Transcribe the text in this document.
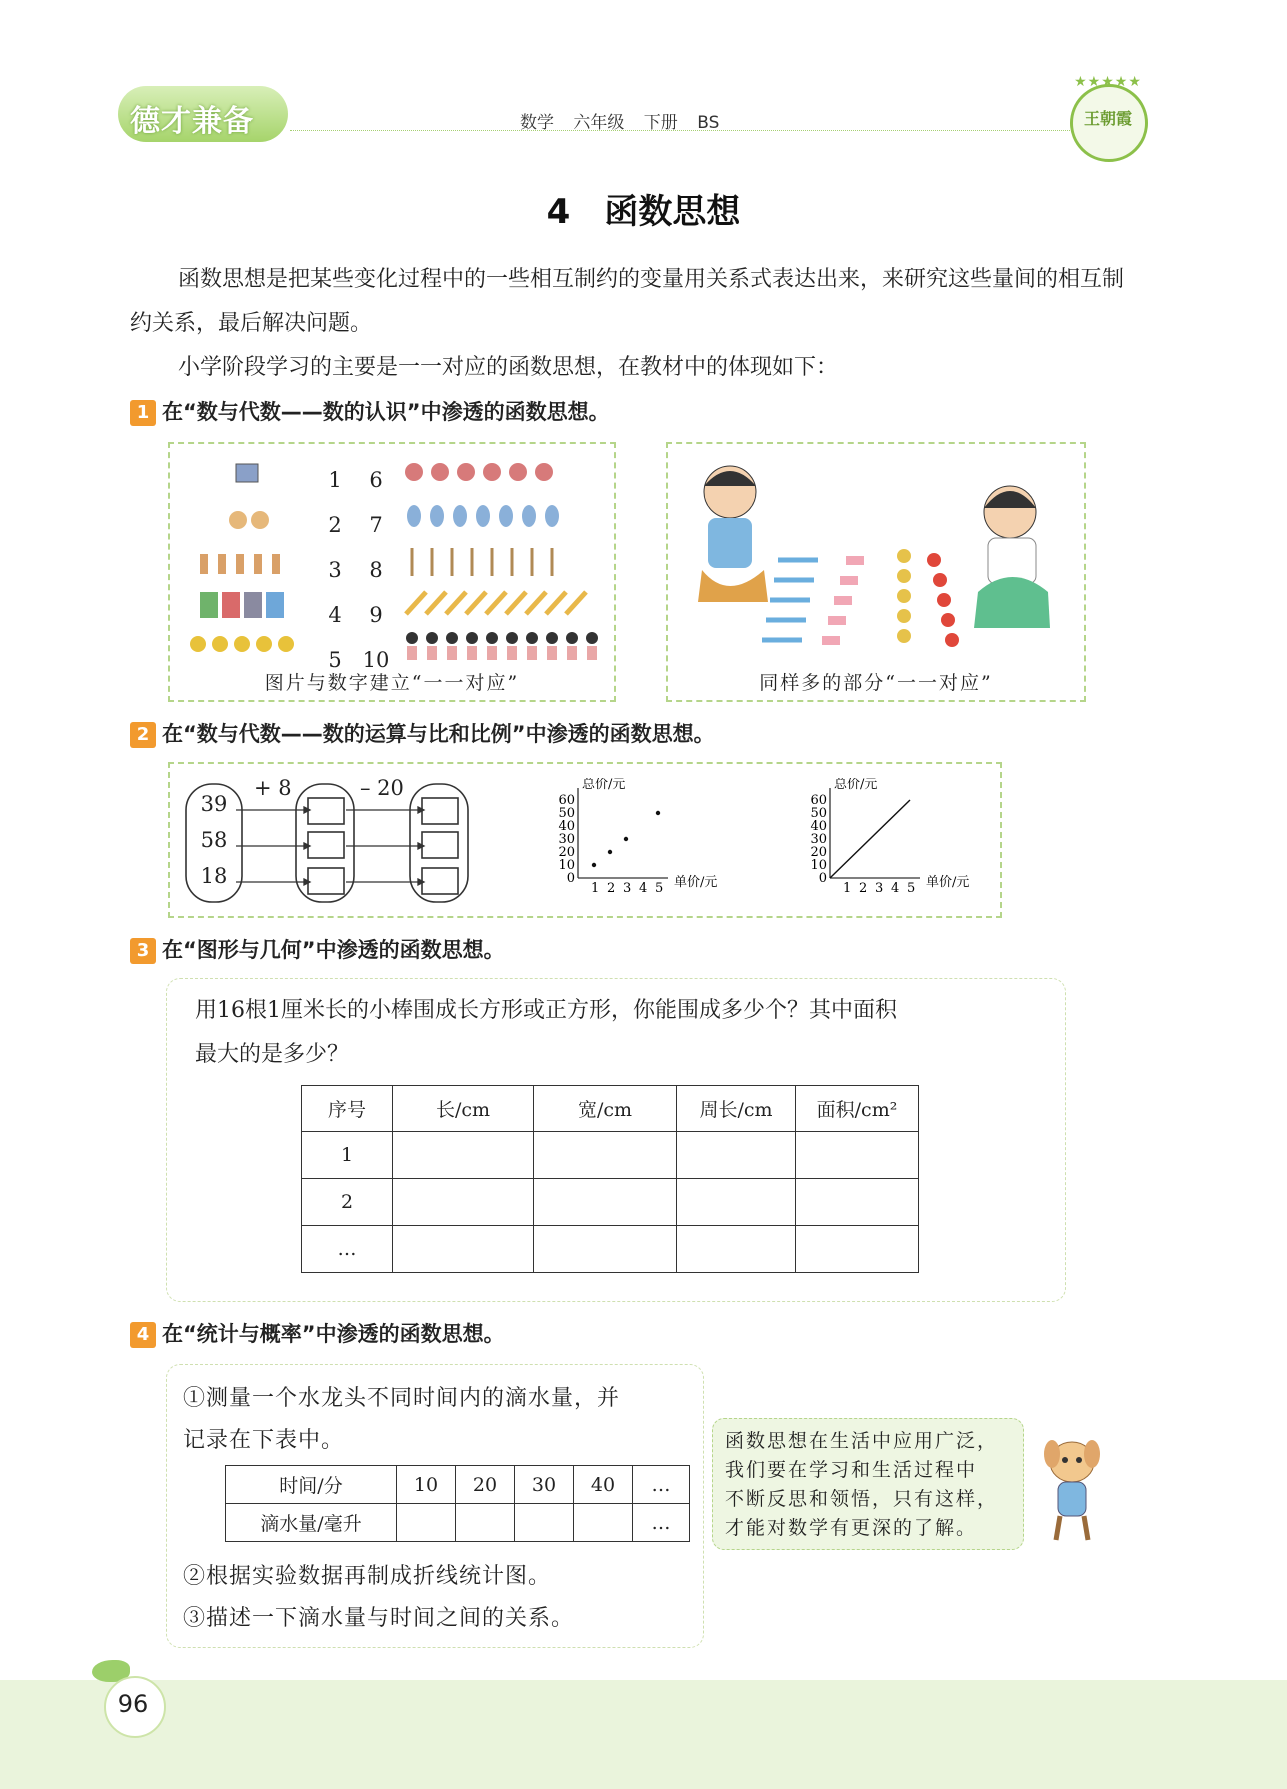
德才兼备	数学 六年级 下册 BS
★★★★★
王朝霞
4　函数思想
函数思想是把某些变化过程中的一些相互制约的变量用关系式表达出来，来研究这些量间的相互制约关系，最后解决问题。
小学阶段学习的主要是一一对应的函数思想，在教材中的体现如下：
1 在“数与代数——数的认识”中渗透的函数思想。
1
2
3
4
5
6
7
8
9
10
图片与数字建立“一一对应”	同样多的部分“一一对应”
2 在“数与代数——数的运算与比和比例”中渗透的函数思想。
39
58
18
+ 8	– 20	总价/元
单价/元
0
10
20
30
40
50
60
1 2 3 4 5
总价/元
单价/元
0
10
20
30
40
50
60
1 2 3 4 5
3 在“图形与几何”中渗透的函数思想。
用16根1厘米长的小棒围成长方形或正方形，你能围成多少个？其中面积
最大的是多少？
序号	长/cm	宽/cm	周长/cm	面积/cm²
1				
2				
…				
4 在“统计与概率”中渗透的函数思想。
①测量一个水龙头不同时间内的滴水量，并
记录在下表中。
时间/分	10	20	30	40	…
滴水量/毫升					…
②根据实验数据再制成折线统计图。
③描述一下滴水量与时间之间的关系。
函数思想在生活中应用广泛，
我们要在学习和生活过程中
不断反思和领悟，只有这样，
才能对数学有更深的了解。
96
